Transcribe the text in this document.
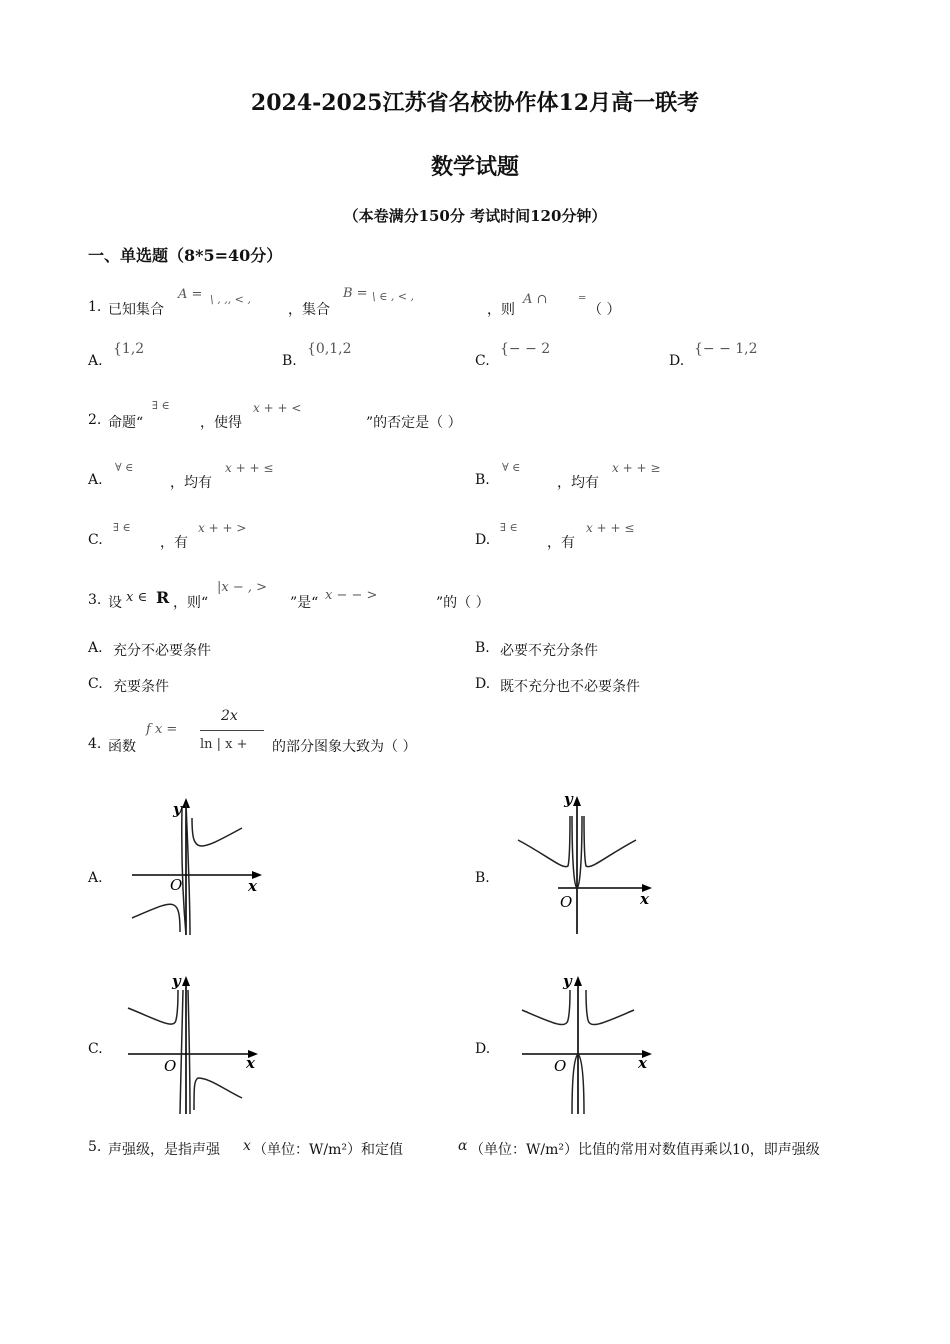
2024-2025江苏省名校协作体12月高一联考
数学试题
（本卷满分150分 考试时间120分钟）
一、单选题（8*5=40分）
1. 已知集合
A = \ , ,, < ,
，集合
B = \ ∈ , < ,
，则
A ∩	=
（ ）
A.
{1,2
B.
{0,1,2
C.
{− − 2
D.
{− − 1,2
2. 命题“
∃ ∈
，使得
x + + <
”的否定是（ ）
A.
∀ ∈
，均有
x + + ≤
B.
∀ ∈
，均有
x + + ≥
C.
∃ ∈
，有
x + + >
D.
∃ ∈
，有
x + + ≤
3. 设 x ∈ R ，则“
|x − , >
”是“ x − − >	”的（ ）
A. 充分不必要条件	B. 必要不充分条件
C. 充要条件	D. 既不充分也不必要条件
4. 函数
f x =
2x
ln | x + 的部分图象大致为（ ）
A.
y
O	x	B.
y
O	x
C.
y
O	x
D.
y
O	x
5. 声强级，是指声强 x （单位：W/m²）和定值	α （单位：W/m²）比值的常用对数值再乘以10，即声强级
